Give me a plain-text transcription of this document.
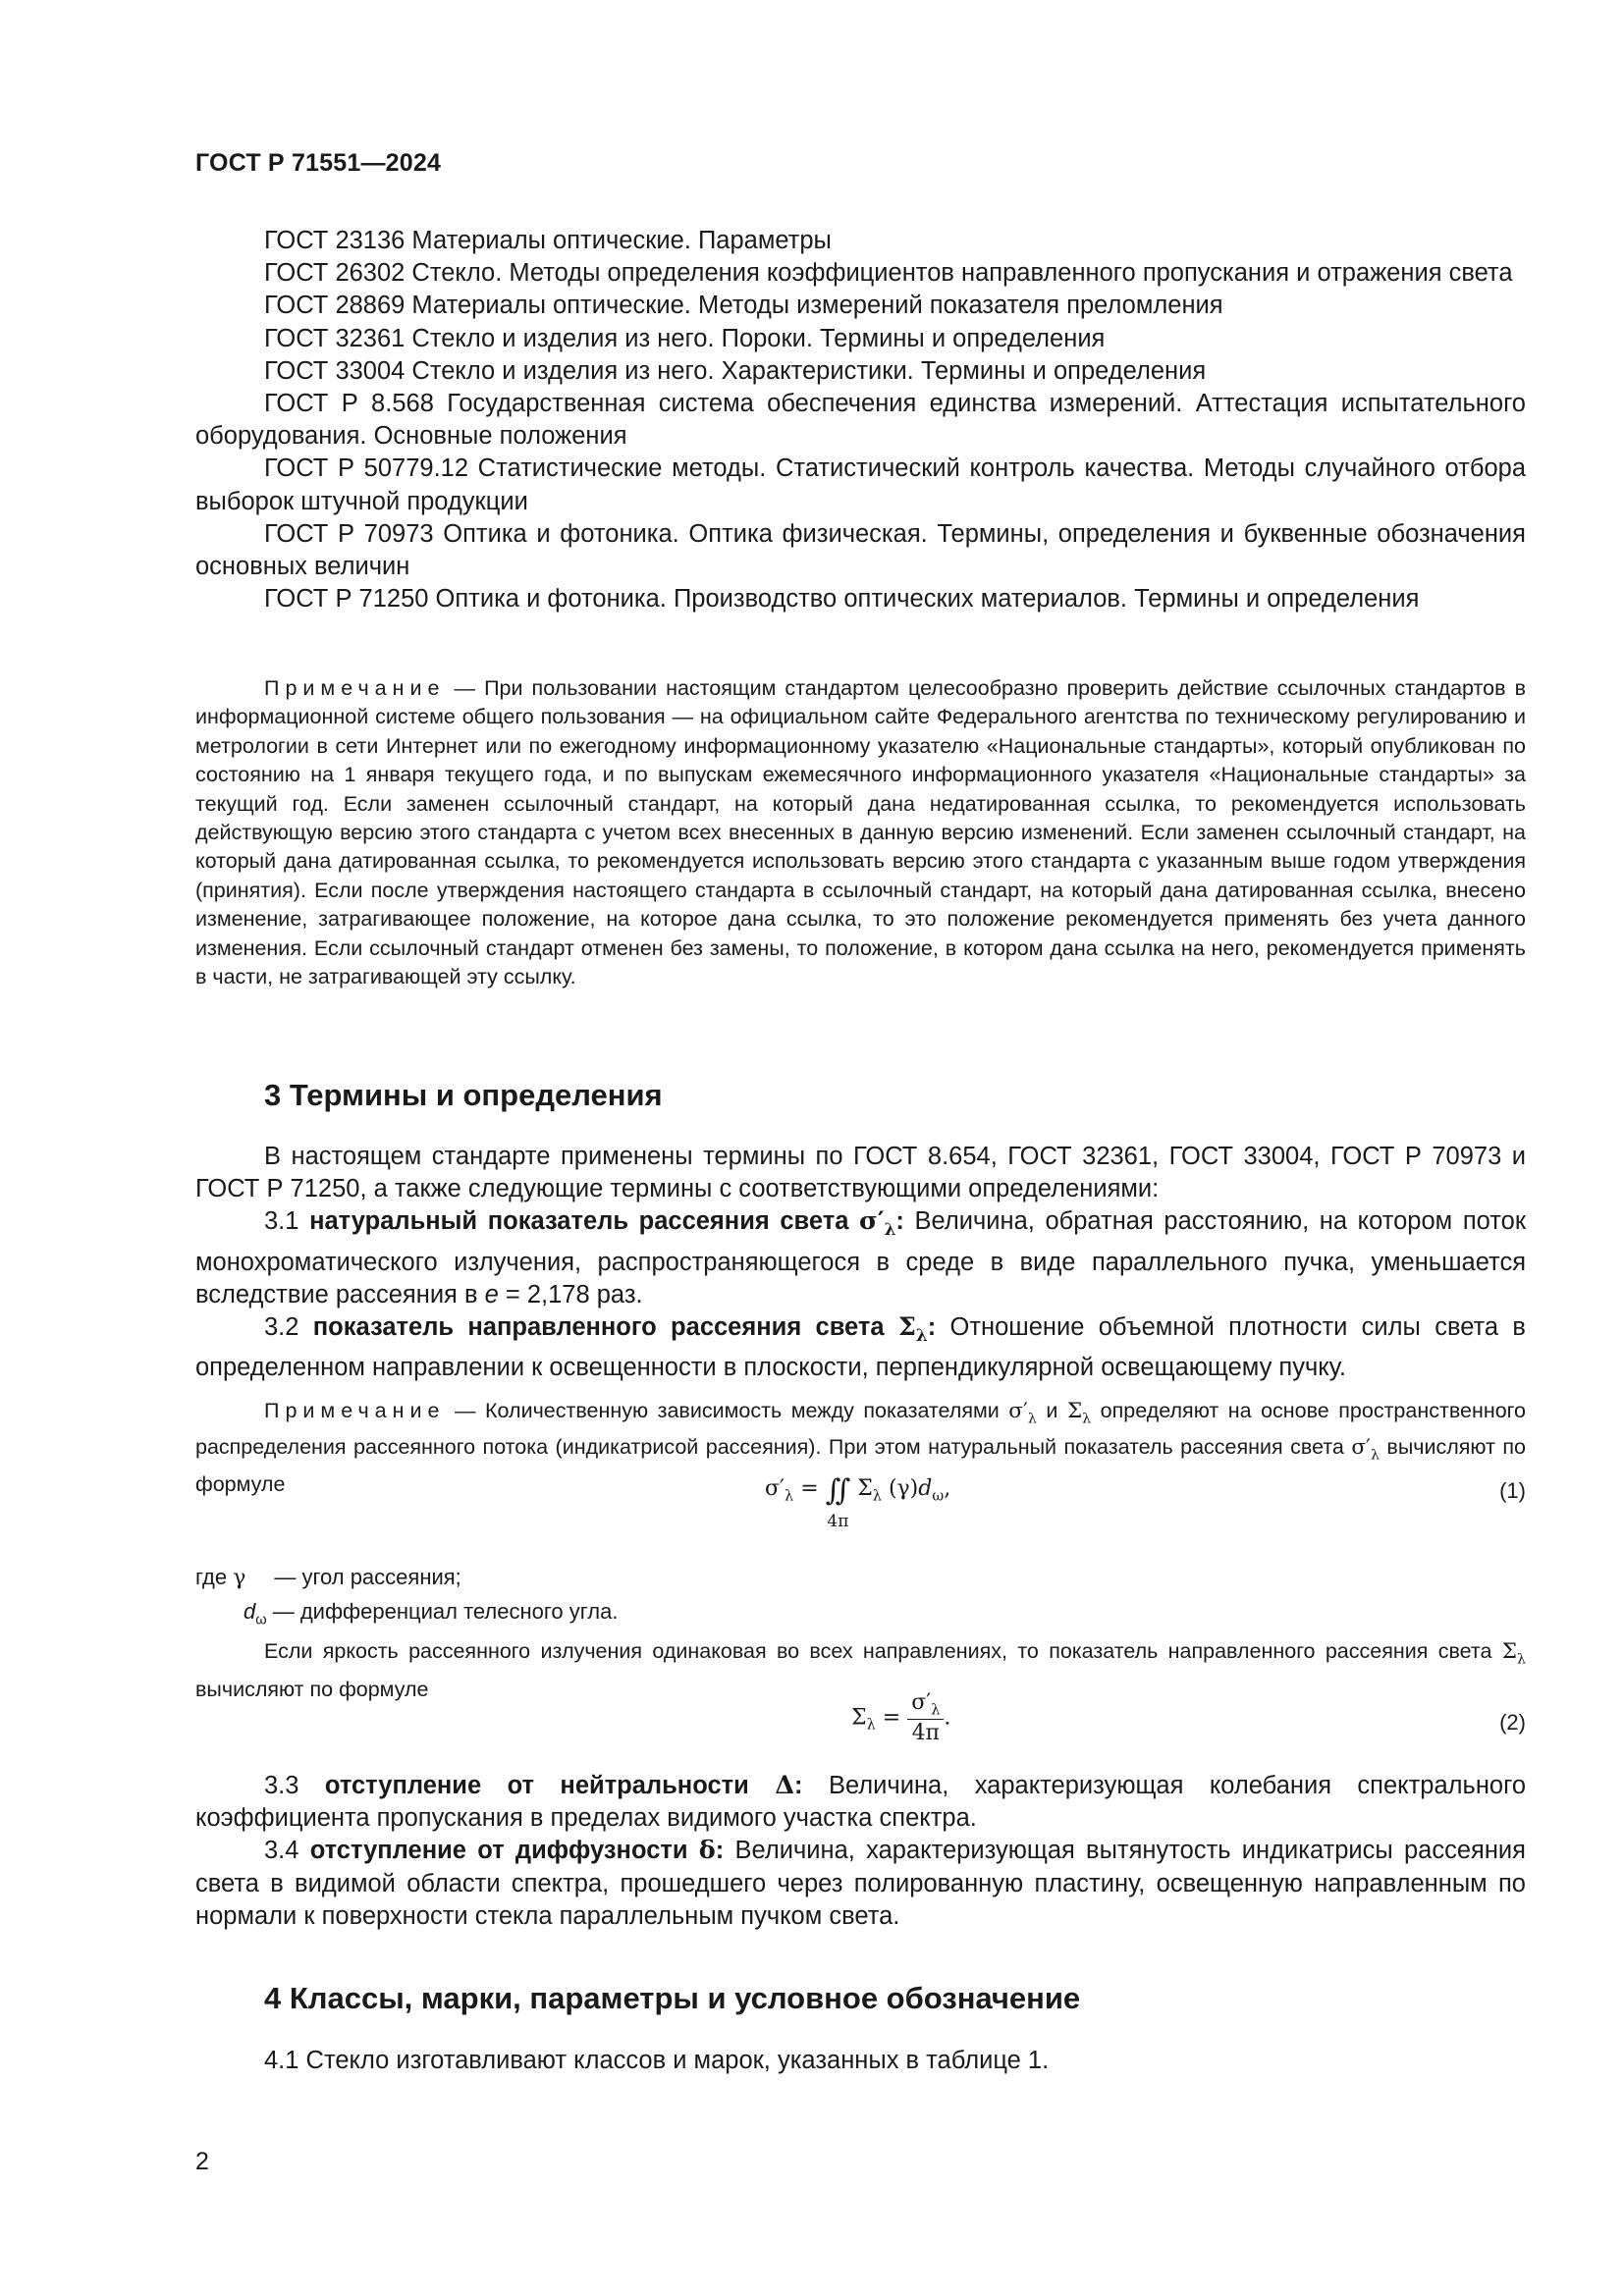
ГОСТ Р 71551—2024

ГОСТ 23136 Материалы оптические. Параметры

ГОСТ 26302 Стекло. Методы определения коэффициентов направленного пропускания и отражения света

ГОСТ 28869 Материалы оптические. Методы измерений показателя преломления

ГОСТ 32361 Стекло и изделия из него. Пороки. Термины и определения

ГОСТ 33004 Стекло и изделия из него. Характеристики. Термины и определения

ГОСТ Р 8.568 Государственная система обеспечения единства измерений. Аттестация испытательного оборудования. Основные положения

ГОСТ Р 50779.12 Статистические методы. Статистический контроль качества. Методы случайного отбора выборок штучной продукции

ГОСТ Р 70973 Оптика и фотоника. Оптика физическая. Термины, определения и буквенные обозначения основных величин

ГОСТ Р 71250 Оптика и фотоника. Производство оптических материалов. Термины и определения

Примечание — При пользовании настоящим стандартом целесообразно проверить действие ссылочных стандартов в информационной системе общего пользования — на официальном сайте Федерального агентства по техническому регулированию и метрологии в сети Интернет или по ежегодному информационному указателю «Национальные стандарты», который опубликован по состоянию на 1 января текущего года, и по выпускам ежемесячного информационного указателя «Национальные стандарты» за текущий год. Если заменен ссылочный стандарт, на который дана недатированная ссылка, то рекомендуется использовать действующую версию этого стандарта с учетом всех внесенных в данную версию изменений. Если заменен ссылочный стандарт, на который дана датированная ссылка, то рекомендуется использовать версию этого стандарта с указанным выше годом утверждения (принятия). Если после утверждения настоящего стандарта в ссылочный стандарт, на который дана датированная ссылка, внесено изменение, затрагивающее положение, на которое дана ссылка, то это положение рекомендуется применять без учета данного изменения. Если ссылочный стандарт отменен без замены, то положение, в котором дана ссылка на него, рекомендуется применять в части, не затрагивающей эту ссылку.

3 Термины и определения

В настоящем стандарте применены термины по ГОСТ 8.654, ГОСТ 32361, ГОСТ 33004, ГОСТ Р 70973 и ГОСТ Р 71250, а также следующие термины с соответствующими определениями:

3.1 натуральный показатель рассеяния света $\sigma'_\lambda$: Величина, обратная расстоянию, на котором поток монохроматического излучения, распространяющегося в среде в виде параллельного пучка, уменьшается вследствие рассеяния в e = 2,178 раз.

3.2 показатель направленного рассеяния света $\Sigma_\lambda$: Отношение объемной плотности силы света в определенном направлении к освещенности в плоскости, перпендикулярной освещающему пучку.

Примечание — Количественную зависимость между показателями $\sigma'_\lambda$ и $\Sigma_\lambda$ определяют на основе пространственного распределения рассеянного потока (индикатрисой рассеяния). При этом натуральный показатель рассеяния света $\sigma'_\lambda$ вычисляют по формуле	$\sigma'_\lambda$ = ∬
4π
$\Sigma_\lambda$ $(\gamma)d_\omega$,	(1)

где γ — угол рассеяния;

$d_\omega$ — дифференциал телесного угла.

Если яркость рассеянного излучения одинаковая во всех направлениях, то показатель направленного рассеяния света $\Sigma_\lambda$ вычисляют по формуле

$\Sigma_\lambda = \frac{\sigma'_\lambda}{4\pi}$ .	(2)

3.3 отступление от нейтральности Δ: Величина, характеризующая колебания спектрального коэффициента пропускания в пределах видимого участка спектра.

3.4 отступление от диффузности δ: Величина, характеризующая вытянутость индикатрисы рассеяния света в видимой области спектра, прошедшего через полированную пластину, освещенную направленным по нормали к поверхности стекла параллельным пучком света.

4 Классы, марки, параметры и условное обозначение

4.1 Стекло изготавливают классов и марок, указанных в таблице 1.

2
